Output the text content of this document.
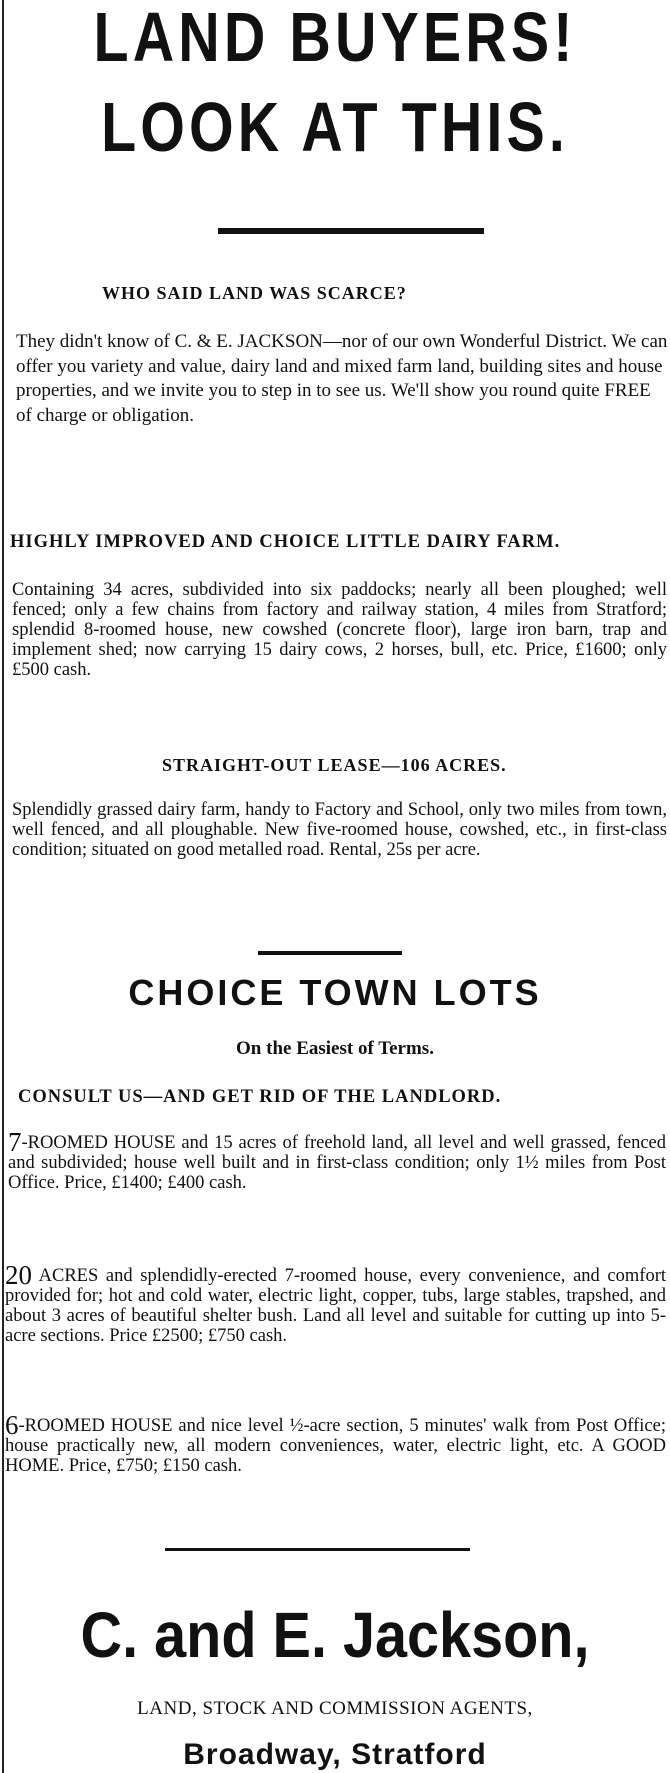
LAND BUYERS!
LOOK AT THIS.
WHO SAID LAND WAS SCARCE?
They didn't know of C. & E. JACKSON—nor of our own Wonderful District. We can offer you variety and value, dairy land and mixed farm land, building sites and house properties, and we invite you to step in to see us. We'll show you round quite FREE of charge or obligation.
HIGHLY IMPROVED AND CHOICE LITTLE DAIRY FARM.
Containing 34 acres, subdivided into six paddocks; nearly all been ploughed; well fenced; only a few chains from factory and railway station, 4 miles from Stratford; splendid 8-roomed house, new cowshed (concrete floor), large iron barn, trap and implement shed; now carrying 15 dairy cows, 2 horses, bull, etc. Price, £1600; only £500 cash.
STRAIGHT-OUT LEASE—106 ACRES.
Splendidly grassed dairy farm, handy to Factory and School, only two miles from town, well fenced, and all ploughable. New five-roomed house, cowshed, etc., in first-class condition; situated on good metalled road. Rental, 25s per acre.
CHOICE TOWN LOTS
On the Easiest of Terms.
CONSULT US—AND GET RID OF THE LANDLORD.
7-ROOMED HOUSE and 15 acres of freehold land, all level and well grassed, fenced and subdivided; house well built and in first-class condition; only 1½ miles from Post Office. Price, £1400; £400 cash.
20 ACRES and splendidly-erected 7-roomed house, every convenience, and comfort provided for; hot and cold water, electric light, copper, tubs, large stables, trapshed, and about 3 acres of beautiful shelter bush. Land all level and suitable for cutting up into 5-acre sections. Price £2500; £750 cash.
6-ROOMED HOUSE and nice level ½-acre section, 5 minutes' walk from Post Office; house practically new, all modern conveniences, water, electric light, etc. A GOOD HOME. Price, £750; £150 cash.
C. and E. Jackson,
LAND, STOCK AND COMMISSION AGENTS,
Broadway, Stratford
